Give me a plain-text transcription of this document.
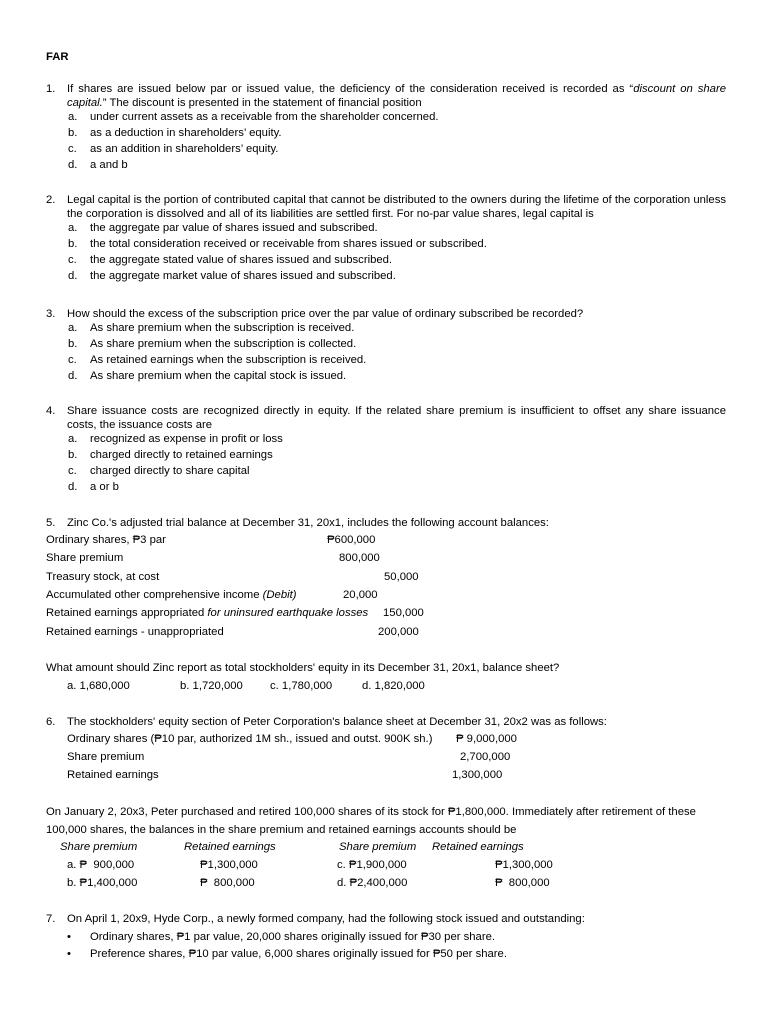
FAR
1. If shares are issued below par or issued value, the deficiency of the consideration received is recorded as “discount on share capital.” The discount is presented in the statement of financial position
a. under current assets as a receivable from the shareholder concerned.
b. as a deduction in shareholders’ equity.
c. as an addition in shareholders’ equity.
d. a and b
2. Legal capital is the portion of contributed capital that cannot be distributed to the owners during the lifetime of the corporation unless the corporation is dissolved and all of its liabilities are settled first. For no-par value shares, legal capital is
a. the aggregate par value of shares issued and subscribed.
b. the total consideration received or receivable from shares issued or subscribed.
c. the aggregate stated value of shares issued and subscribed.
d. the aggregate market value of shares issued and subscribed.
3. How should the excess of the subscription price over the par value of ordinary subscribed be recorded?
a. As share premium when the subscription is received.
b. As share premium when the subscription is collected.
c. As retained earnings when the subscription is received.
d. As share premium when the capital stock is issued.
4. Share issuance costs are recognized directly in equity. If the related share premium is insufficient to offset any share issuance costs, the issuance costs are
a. recognized as expense in profit or loss
b. charged directly to retained earnings
c. charged directly to share capital
d. a or b
5. Zinc Co.'s adjusted trial balance at December 31, 20x1, includes the following account balances:
Ordinary shares, ₱3 par	₱600,000
Share premium	800,000
Treasury stock, at cost	50,000
Accumulated other comprehensive income (Debit)	20,000
Retained earnings appropriated for uninsured earthquake losses 150,000
Retained earnings - unappropriated	200,000
What amount should Zinc report as total stockholders' equity in its December 31, 20x1, balance sheet?
a. 1,680,000	b. 1,720,000 c. 1,780,000	d. 1,820,000
6. The stockholders' equity section of Peter Corporation's balance sheet at December 31, 20x2 was as follows:
Ordinary shares (₱10 par, authorized 1M sh., issued and outst. 900K sh.) ₱ 9,000,000
Share premium	2,700,000
Retained earnings	1,300,000
On January 2, 20x3, Peter purchased and retired 100,000 shares of its stock for ₱1,800,000. Immediately after retirement of these 100,000 shares, the balances in the share premium and retained earnings accounts should be
Share premium	Retained earnings	Share premium Retained earnings
a. ₱  900,000	₱1,300,000	c. ₱1,900,000	₱1,300,000
b. ₱1,400,000	₱  800,000	d. ₱2,400,000	₱  800,000
7. On April 1, 20x9, Hyde Corp., a newly formed company, had the following stock issued and outstanding:
• Ordinary shares, ₱1 par value, 20,000 shares originally issued for ₱30 per share.
• Preference shares, ₱10 par value, 6,000 shares originally issued for ₱50 per share.
